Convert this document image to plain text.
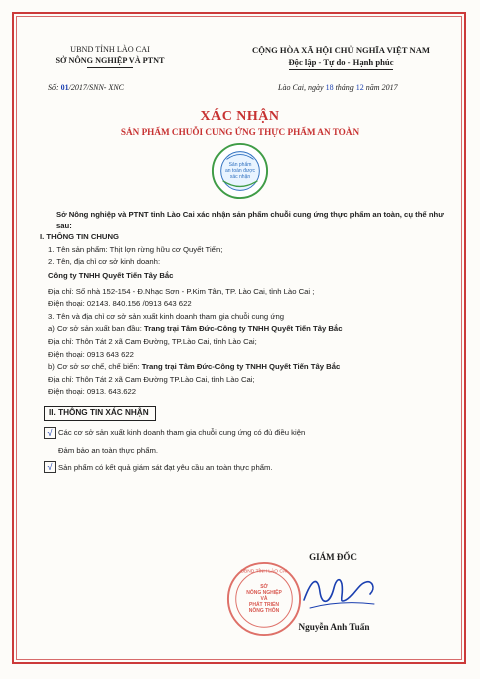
UBND TỈNH LÀO CAI
SỞ NÔNG NGHIỆP VÀ PTNT
CỘNG HÒA XÃ HỘI CHỦ NGHĨA VIỆT NAM
Độc lập - Tự do - Hạnh phúc
Số: 01/2017/SNN- XNC	Lào Cai, ngày 18 tháng 12 năm 2017
XÁC NHẬN
SẢN PHẨM CHUỖI CUNG ỨNG THỰC PHẨM AN TOÀN
Sản phẩm
an toàn được
xác nhận
Sở Nông nghiệp và PTNT tỉnh Lào Cai xác nhận sản phẩm chuỗi cung ứng thực phẩm an toàn, cụ thể như sau:
I. THÔNG TIN CHUNG
1. Tên sản phẩm: Thịt lợn rừng hữu cơ Quyết Tiến;
2. Tên, địa chỉ cơ sở kinh doanh:
Công ty TNHH Quyết Tiến Tây Bắc
Địa chỉ: Số nhà 152-154 - Đ.Nhạc Sơn - P.Kim Tân, TP. Lào Cai, tỉnh Lào Cai ;
Điện thoại: 02143. 840.156 /0913 643 622
3. Tên và địa chỉ cơ sở sản xuất kinh doanh tham gia chuỗi cung ứng
a) Cơ sở sản xuất ban đầu: Trang trại Tâm Đức-Công ty TNHH Quyết Tiến Tây Bắc
Địa chỉ: Thôn Tát 2 xã Cam Đường, TP.Lào Cai, tỉnh Lào Cai;
Điện thoại: 0913 643 622
b) Cơ sở sơ chế, chế biến: Trang trại Tâm Đức-Công ty TNHH Quyết Tiến Tây Bắc
Địa chỉ: Thôn Tát 2 xã Cam Đường TP.Lào Cai, tỉnh Lào Cai;
Điện thoại: 0913. 643.622
II. THÔNG TIN XÁC NHẬN
√ Các cơ sở sản xuất kinh doanh tham gia chuỗi cung ứng có đủ điều kiện
Đảm bảo an toàn thực phẩm.
√ Sản phẩm có kết quả giám sát đạt yêu cầu an toàn thực phẩm.
GIÁM ĐỐC
UBND TỈNH LÀO CAI
SỞ
NÔNG NGHIỆP
VÀ
PHÁT TRIỂN
NÔNG THÔN
Nguyễn Anh Tuấn
